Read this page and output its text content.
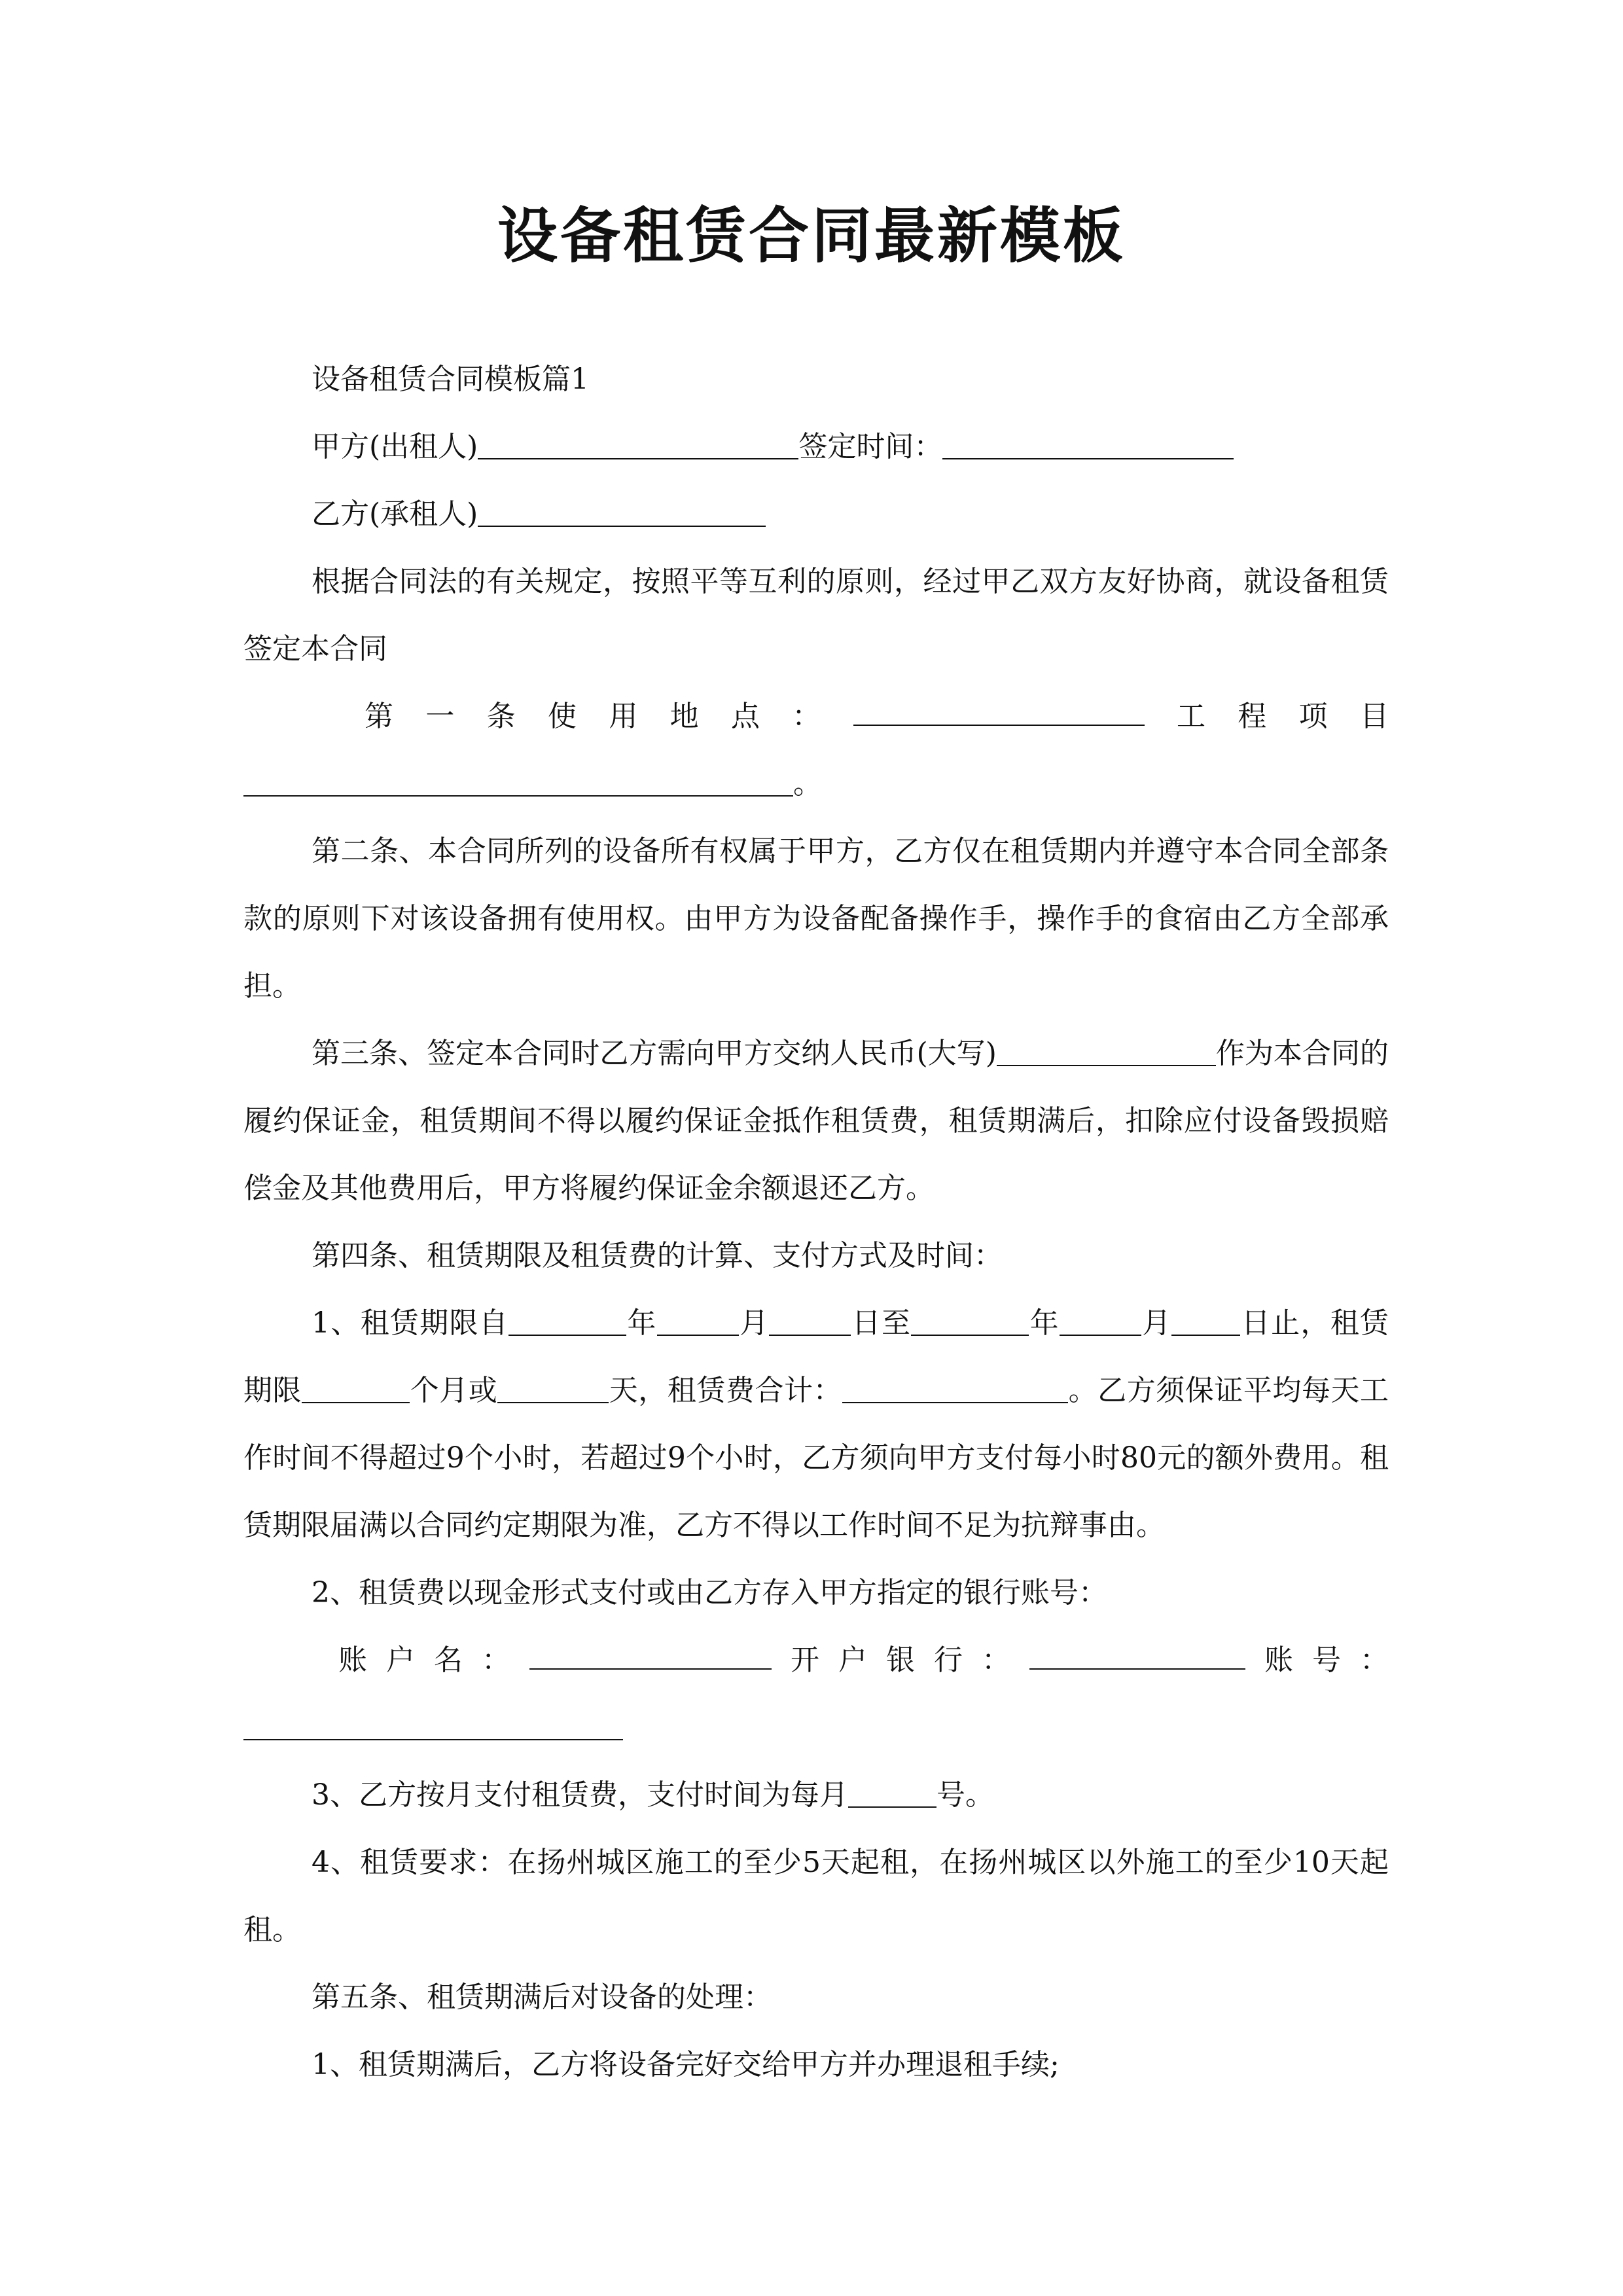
设备租赁合同最新模板

设备租赁合同模板篇1

甲方(出租人)	签定时间：

乙方(承租人)

根据合同法的有关规定，按照平等互利的原则，经过甲乙双方友好协商，就设备租赁签定本合同

第 一 条 使 用 地 点 ：	工 程 项 目

。

第二条、本合同所列的设备所有权属于甲方，乙方仅在租赁期内并遵守本合同全部条款的原则下对该设备拥有使用权。由甲方为设备配备操作手，操作手的食宿由乙方全部承担。

第三条、签定本合同时乙方需向甲方交纳人民币(大写)	作为本合同的履约保证金，租赁期间不得以履约保证金抵作租赁费，租赁期满后，扣除应付设备毁损赔偿金及其他费用后，甲方将履约保证金余额退还乙方。

第四条、租赁期限及租赁费的计算、支付方式及时间：

1、租赁期限自	年	月	日至	年	月 日止，租赁期限	个月或	天，租赁费合计：	。乙方须保证平均每天工作时间不得超过9个小时，若超过9个小时，乙方须向甲方支付每小时80元的额外费用。租赁期限届满以合同约定期限为准，乙方不得以工作时间不足为抗辩事由。

2、租赁费以现金形式支付或由乙方存入甲方指定的银行账号：

账 户 名 ：	开 户 银 行 ：	账 号 ：

3、乙方按月支付租赁费，支付时间为每月	号。

4、租赁要求：在扬州城区施工的至少5天起租，在扬州城区以外施工的至少10天起租。

第五条、租赁期满后对设备的处理：

1、租赁期满后，乙方将设备完好交给甲方并办理退租手续;
